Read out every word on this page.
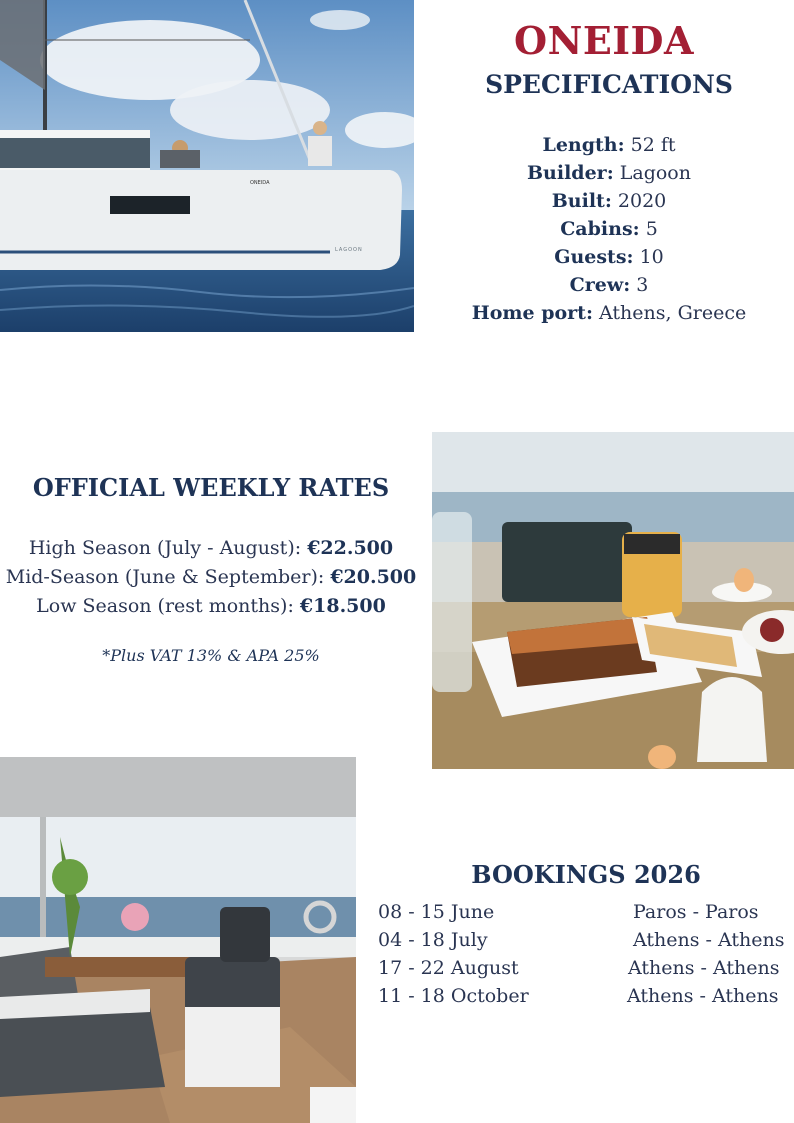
ONEIDA
LAGOON
ONEIDA
SPECIFICATIONS
Length: 52 ft
Builder: Lagoon
Built: 2020
Cabins: 5
Guests: 10
Crew: 3
Home port: Athens, Greece
OFFICIAL WEEKLY RATES
High Season (July - August): €22.500
Mid-Season (June & September): €20.500
Low Season (rest months): €18.500
*Plus VAT 13% & APA 25%
BOOKINGS 2026
08 - 15 June	Paros - Paros
04 - 18 July	Athens - Athens
17 - 22 August	Athens - Athens
11 - 18 October	Athens - Athens
